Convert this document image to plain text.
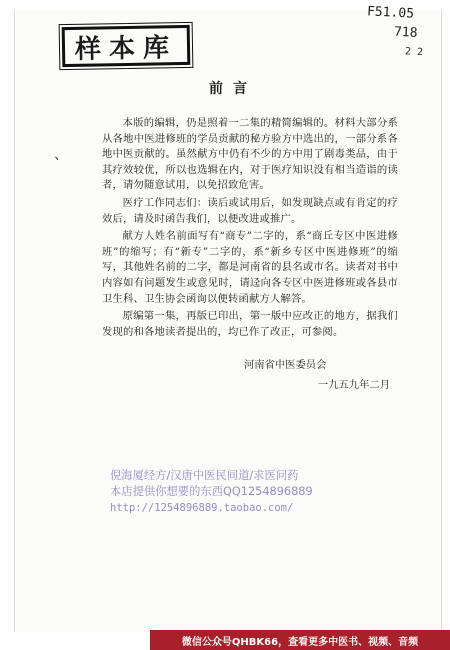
样本库
F51.05
718
2 2
前言
、

本版的编辑，仍是照着一二集的精简编辑的。材料大部分系从各地中医进修班的学员贡献的秘方验方中选出的，一部分系各地中医贡献的。虽然献方中仍有不少的方中用了剧毒类品，由于其疗效较优，所以也选辑在内，对于医疗知识没有相当造诣的读者，请勿随意试用，以免招致危害。

医疗工作同志们：读后或试用后，如发现缺点或有肯定的疗效后，请及时函告我们，以便改进或推广。

献方人姓名前面写有“商专”二字的，系“商丘专区中医进修班”的缩写；有“新专”二字的，系“新乡专区中医进修班”的缩写，其他姓名前的二字，都是河南省的县名或市名。读者对书中内容如有问题发生或意见时，请迳向各专区中医进修班或各县市卫生科、卫生协会函询以便转函献方人解答。

原编第一集，再版已印出，第一版中应改正的地方，据我们发现的和各地读者提出的，均已作了改正，可参阅。

河南省中医委员会
一九五九年二月
倪海厦经方/汉唐中医民间道/求医问药
本店提供你想要的东西QQ1254896889
http://1254896889.taobao.com/
微信公众号QHBK66，查看更多中医书、视频、音频
